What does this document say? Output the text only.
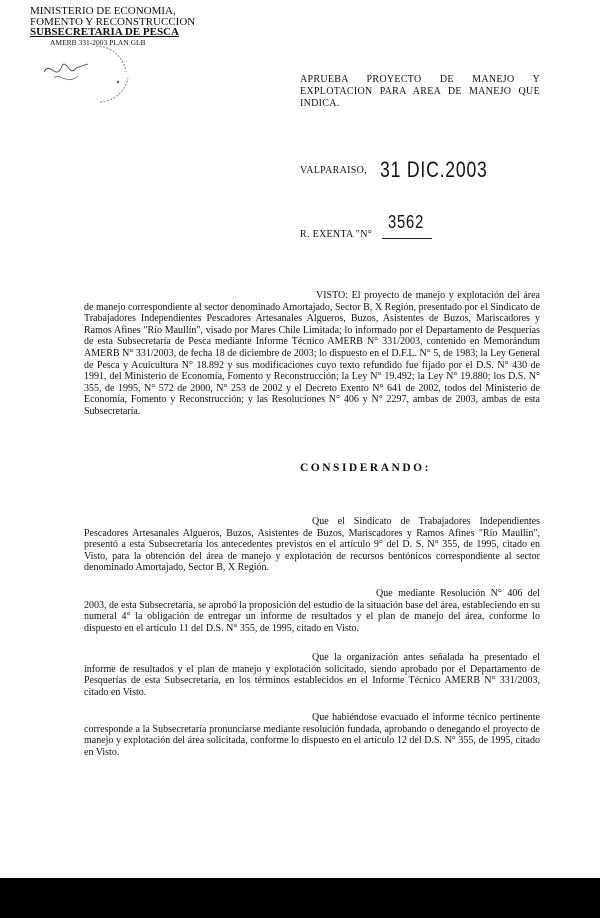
MINISTERIO DE ECONOMIA,
FOMENTO Y RECONSTRUCCION
SUBSECRETARIA DE PESCA
AMERB 331-2003 PLAN GLB
APRUEBA PROYECTO DE MANEJO Y EXPLOTACION PARA AREA DE MANEJO QUE INDICA.
VALPARAISO, 31 DIC.2003
R. EXENTA "N°
3562
VISTO: El proyecto de manejo y explotación del área de manejo correspondiente al sector denominado Amortajado, Sector B, X Región, presentado por el Sindicato de Trabajadores Independientes Pescadores Artesanales Algueros, Buzos, Asistentes de Buzos, Mariscadores y Ramos Afines "Río Maullín", visado por Mares Chile Limitada; lo informado por el Departamento de Pesquerías de esta Subsecretaría de Pesca mediante Informe Técnico AMERB N° 331/2003, contenido en Memorándum AMERB N° 331/2003, de fecha 18 de diciembre de 2003; lo dispuesto en el D.F.L. N° 5, de 1983; la Ley General de Pesca y Acuicultura N° 18.892 y sus modificaciones cuyo texto refundido fue fijado por el D.S. N° 430 de 1991, del Ministerio de Economía, Fomento y Reconstrucción; la Ley N° 19.492; la Ley N° 19.880; los D.S. N° 355, de 1995, N° 572 de 2000, N° 253 de 2002 y el Decreto Exento N° 641 de 2002, todos del Ministerio de Economía, Fomento y Reconstrucción; y las Resoluciones N° 406 y N° 2297, ambas de 2003, ambas de esta Subsecretaría.
CONSIDERANDO:
Que el Sindicato de Trabajadores Independientes Pescadores Artesanales Algueros, Buzos, Asistentes de Buzos, Mariscadores y Ramos Afines "Río Maullín", presentó a esta Subsecretaría los antecedentes previstos en el artículo 9° del D. S. N° 355, de 1995, citado en Visto, para la obtención del área de manejo y explotación de recursos bentónicos correspondiente al sector denominado Amortajado, Sector B, X Región.
Que mediante Resolución N° 406 del 2003, de esta Subsecretaría, se aprobó la proposición del estudio de la situación base del área, estableciendo en su numeral 4° la obligación de entregar un informe de resultados y el plan de manejo del área, conforme lo dispuesto en el artículo 11 del D.S. N° 355, de 1995, citado en Visto.
Que la organización antes señalada ha presentado el informe de resultados y el plan de manejo y explotación solicitado, siendo aprobado por el Departamento de Pesquerías de esta Subsecretaría, en los términos establecidos en el Informe Técnico AMERB N° 331/2003, citado en Visto.
Que habiéndose evacuado el informe técnico pertinente corresponde a la Subsecretaría pronunciarse mediante resolución fundada, aprobando o denegando el proyecto de manejo y explotación del área solicitada, conforme lo dispuesto en el artículo 12 del D.S. N° 355, de 1995, citado en Visto.
